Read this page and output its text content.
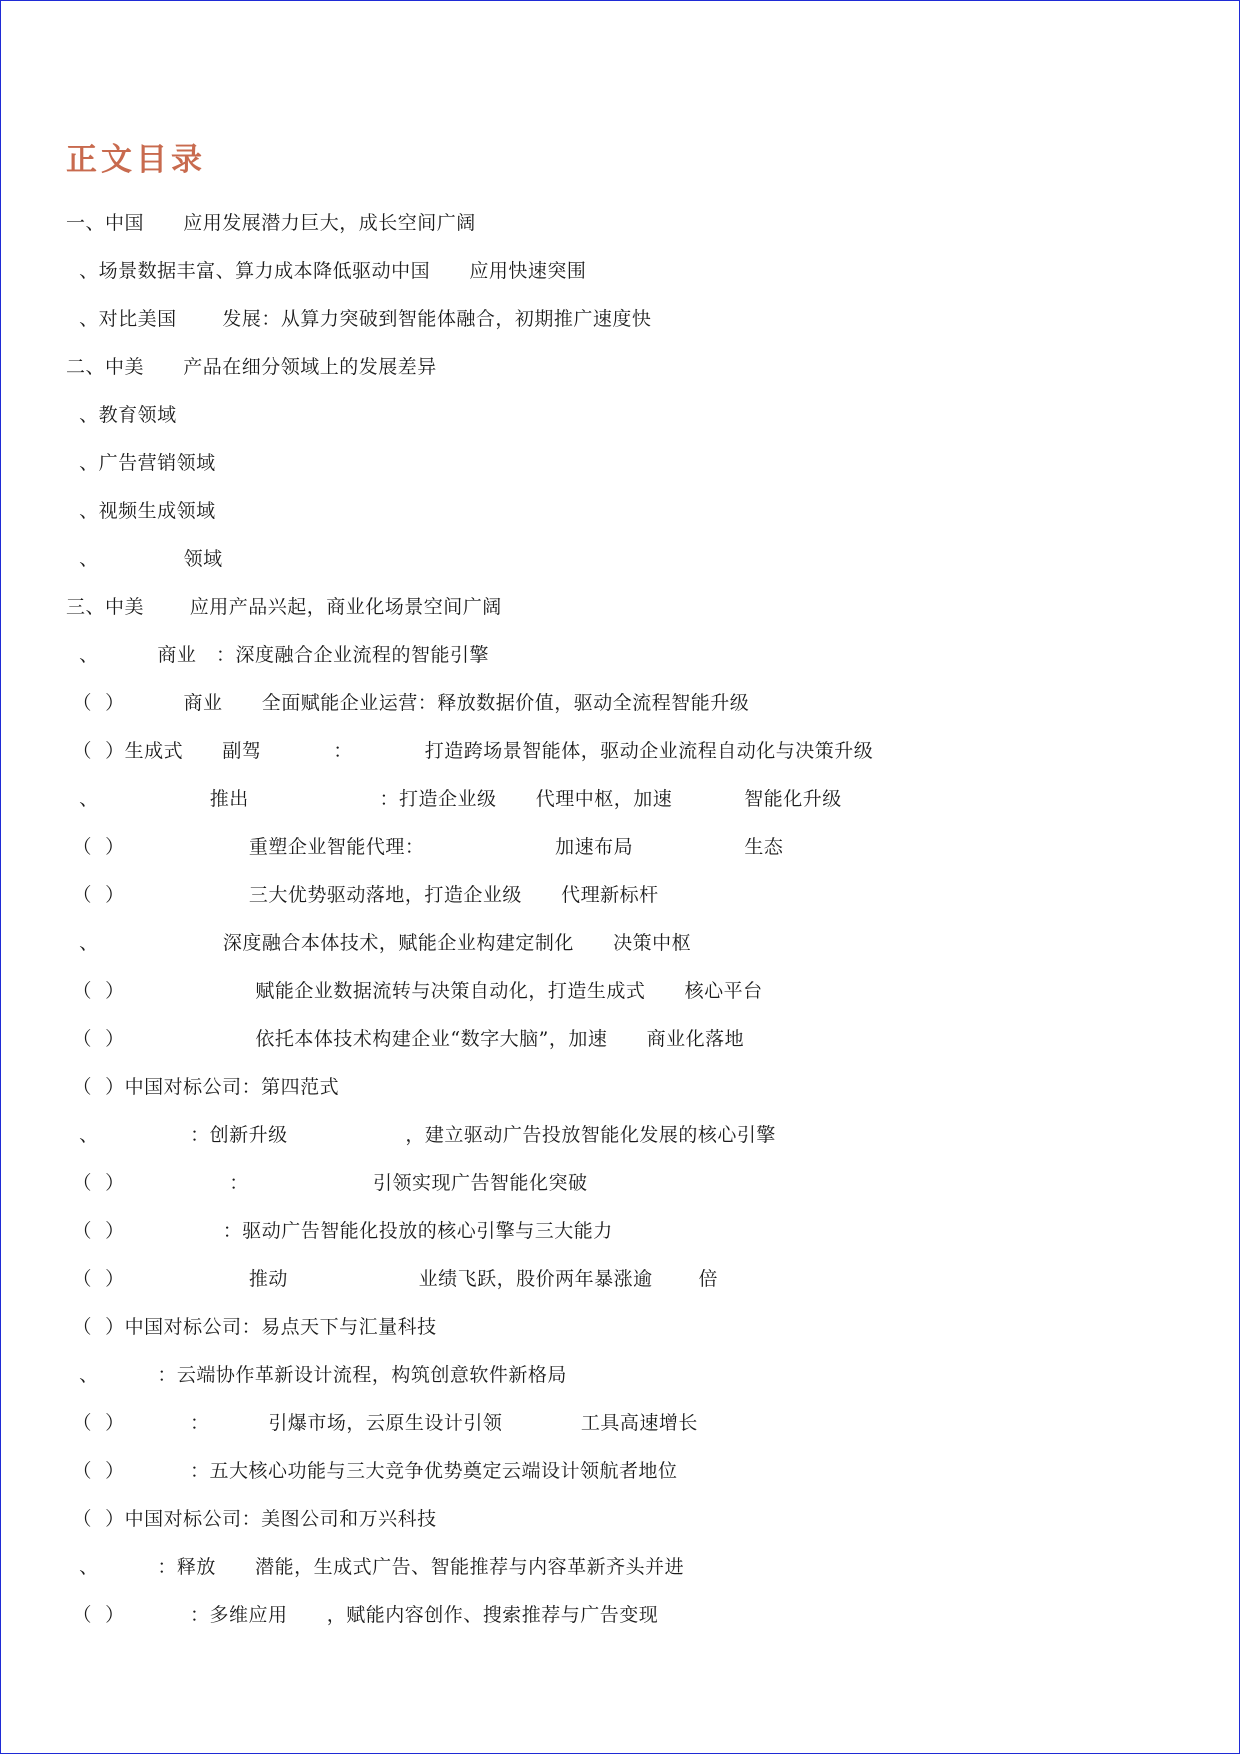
正文目录
一、中国      应用发展潜力巨大，成长空间广阔
、场景数据丰富、算力成本降低驱动中国      应用快速突围
、对比美国       发展：从算力突破到智能体融合，初期推广速度快
二、中美      产品在细分领域上的发展差异
、教育领域
、广告营销领域
、视频生成领域
、             领域
三、中美       应用产品兴起，商业化场景空间广阔
、         商业   ：深度融合企业流程的智能引擎
（  ）         商业      全面赋能企业运营：释放数据价值，驱动全流程智能升级
（  ）生成式      副驾           ：           打造跨场景智能体，驱动企业流程自动化与决策升级
、                 推出                    ：打造企业级      代理中枢，加速           智能化升级
（  ）                   重塑企业智能代理：                    加速布局                 生态
（  ）                   三大优势驱动落地，打造企业级      代理新标杆
、                   深度融合本体技术，赋能企业构建定制化      决策中枢
（  ）                    赋能企业数据流转与决策自动化，打造生成式      核心平台
（  ）                    依托本体技术构建企业“数字大脑”，加速      商业化落地
（  ）中国对标公司：第四范式
、              ：创新升级                  ，建立驱动广告投放智能化发展的核心引擎
（  ）                ：                   引领实现广告智能化突破
（  ）               ：驱动广告智能化投放的核心引擎与三大能力
（  ）                   推动                    业绩飞跃，股价两年暴涨逾       倍
（  ）中国对标公司：易点天下与汇量科技
、         ：云端协作革新设计流程，构筑创意软件新格局
（  ）          ：         引爆市场，云原生设计引领            工具高速增长
（  ）          ：五大核心功能与三大竞争优势奠定云端设计领航者地位
（  ）中国对标公司：美图公司和万兴科技
、         ：释放      潜能，生成式广告、智能推荐与内容革新齐头并进
（  ）          ：多维应用      ，赋能内容创作、搜索推荐与广告变现
